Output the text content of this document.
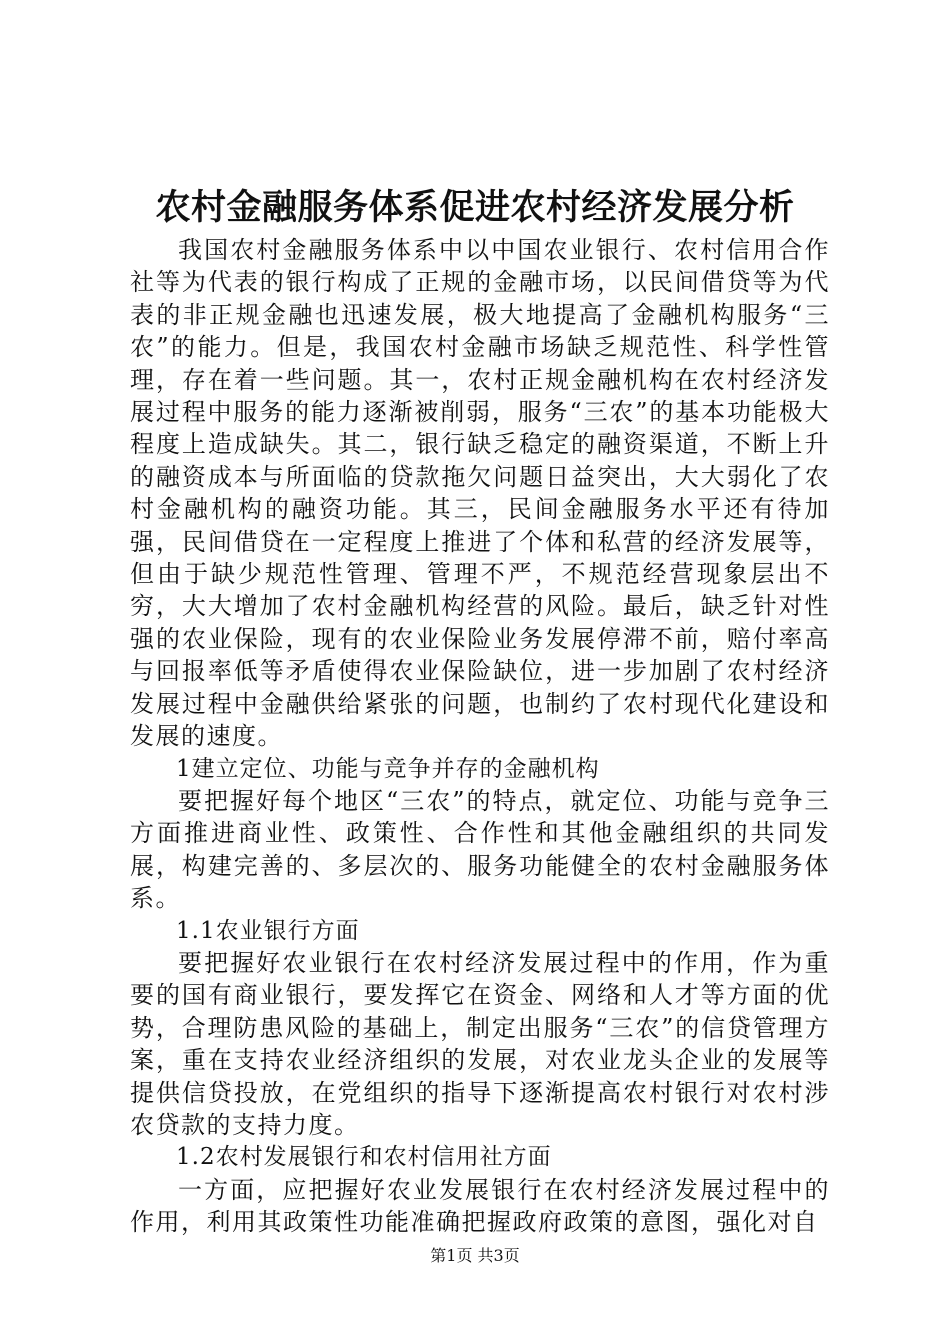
农村金融服务体系促进农村经济发展分析

我国农村金融服务体系中以中国农业银行、农村信用合作社等为代表的银行构成了正规的金融市场，以民间借贷等为代表的非正规金融也迅速发展，极大地提高了金融机构服务“三农”的能力。但是，我国农村金融市场缺乏规范性、科学性管理，存在着一些问题。其一，农村正规金融机构在农村经济发展过程中服务的能力逐渐被削弱，服务“三农”的基本功能极大程度上造成缺失。其二，银行缺乏稳定的融资渠道，不断上升的融资成本与所面临的贷款拖欠问题日益突出，大大弱化了农村金融机构的融资功能。其三，民间金融服务水平还有待加强，民间借贷在一定程度上推进了个体和私营的经济发展等，但由于缺少规范性管理、管理不严，不规范经营现象层出不穷，大大增加了农村金融机构经营的风险。最后，缺乏针对性强的农业保险，现有的农业保险业务发展停滞不前，赔付率高与回报率低等矛盾使得农业保险缺位，进一步加剧了农村经济发展过程中金融供给紧张的问题，也制约了农村现代化建设和发展的速度。

1建立定位、功能与竞争并存的金融机构

要把握好每个地区“三农”的特点，就定位、功能与竞争三方面推进商业性、政策性、合作性和其他金融组织的共同发展，构建完善的、多层次的、服务功能健全的农村金融服务体系。

1.1农业银行方面

要把握好农业银行在农村经济发展过程中的作用，作为重要的国有商业银行，要发挥它在资金、网络和人才等方面的优势，合理防患风险的基础上，制定出服务“三农”的信贷管理方案，重在支持农业经济组织的发展，对农业龙头企业的发展等提供信贷投放，在党组织的指导下逐渐提高农村银行对农村涉农贷款的支持力度。

1.2农村发展银行和农村信用社方面

一方面，应把握好农业发展银行在农村经济发展过程中的作用，利用其政策性功能准确把握政府政策的意图，强化对自

第1页 共3页
